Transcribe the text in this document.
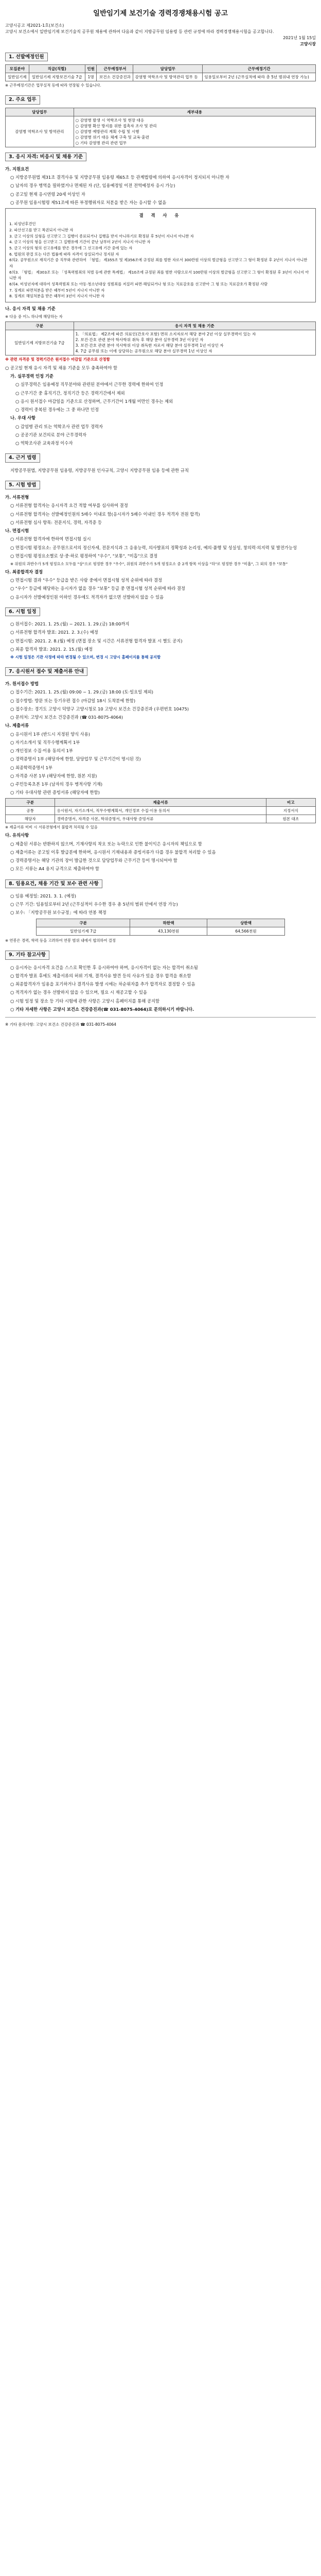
일반임기제 보건기술 경력경쟁채용시험 공고
고양시공고 제2021-1호(보건소)
고양시 보건소에서 일반임기제 보건기술직 공무원 채용에 관하여 다음과 같이 지방공무원 임용령 등 관련 규정에 따라 경력경쟁채용시험을 공고합니다.
2021년 1월 15일
고양시장
1. 선발예정인원
모집분야	직급(직렬)	인원	근무예정부서	담당업무	근무예정기간
일반임기제	일반임기제 지방보건기술 7급	1명	보건소 건강증진과	감염병 역학조사 및 방역관리 업무 등	임용일로부터 2년 (근무실적에 따라 총 5년 범위내 연장 가능)
※ 근무예정기간은 업무실적 등에 따라 연장될 수 있습니다.
2. 주요 업무
담당업무	세부내용
감염병 역학조사 및 방역관리	○ 감염병 발생 시 역학조사 및 현장 대응
○ 감염병 확산 방지를 위한 접촉자 조사 및 관리
○ 감염병 예방관리 계획 수립 및 시행
○ 감염병 위기 대응 체계 구축 및 교육·훈련
○ 기타 감염병 관리 관련 업무
3. 응시 자격: 비응시 및 채용 기준
가. 지원요건
○ 지방공무원법 제31조 결격사유 및 지방공무원 임용령 제65조 등 관계법령에 의하여 응시자격이 정지되지 아니한 자
○ 남자의 경우 병역을 필하였거나 면제된 자 (단, 임용예정일 이전 전역예정자 응시 가능)
○ 공고일 현재 응시연령 20세 이상인 자
○ 공무원 임용시험령 제51조에 따른 부정행위자로 처분을 받은 자는 응시할 수 없음
결 격 사 유
1. 피성년후견인
2. 파산선고를 받고 복권되지 아니한 자
3. 금고 이상의 실형을 선고받고 그 집행이 종료되거나 집행을 받지 아니하기로 확정된 후 5년이 지나지 아니한 자
4. 금고 이상의 형을 선고받고 그 집행유예 기간이 끝난 날부터 2년이 지나지 아니한 자
5. 금고 이상의 형의 선고유예를 받은 경우에 그 선고유예 기간 중에 있는 자
6. 법원의 판결 또는 다른 법률에 따라 자격이 상실되거나 정지된 자
6의2. 공무원으로 재직기간 중 직무와 관련하여 「형법」 제355조 및 제356조에 규정된 죄를 범한 자로서 300만원 이상의 벌금형을 선고받고 그 형이 확정된 후 2년이 지나지 아니한 자
6의3. 「형법」 제303조 또는 「성폭력범죄의 처벌 등에 관한 특례법」 제10조에 규정된 죄를 범한 사람으로서 100만원 이상의 벌금형을 선고받고 그 형이 확정된 후 3년이 지나지 아니한 자
6의4. 미성년자에 대하여 성폭력범죄 또는 아동·청소년대상 성범죄를 저질러 파면·해임되거나 형 또는 치료감호를 선고받아 그 형 또는 치료감호가 확정된 사람
7. 징계로 파면처분을 받은 때부터 5년이 지나지 아니한 자
8. 징계로 해임처분을 받은 때부터 3년이 지나지 아니한 자
나. 응시 자격 및 채용 기준
※ 다음 중 어느 하나에 해당하는 자
구분	응시 자격 및 채용 기준
일반임기제 지방보건기술 7급	1. 「의료법」 제2조에 따른 의료인(간호사 포함) 면허 소지자로서 해당 분야 2년 이상 실무경력이 있는 자
2. 보건·간호 관련 분야 학사학위 취득 후 해당 분야 실무경력 3년 이상인 자
3. 보건·간호 관련 분야 석사학위 이상 취득한 자로서 해당 분야 실무경력 1년 이상인 자
4. 7급 공무원 또는 이에 상당하는 공무원으로 해당 분야 실무경력 1년 이상인 자
※ 관련 자격증 및 경력기간은 원서접수 마감일 기준으로 산정함
○ 공고일 현재 응시 자격 및 채용 기준을 모두 충족하여야 함
가. 실무경력 인정 기준
○ 실무경력은 임용예정 직무분야와 관련된 분야에서 근무한 경력에 한하여 인정
○ 근무기간 중 휴직기간, 정직기간 등은 경력기간에서 제외
○ 응시 원서접수 마감일을 기준으로 산정하며, 근무기간이 1개월 미만인 경우는 제외
○ 경력이 중복된 경우에는 그 중 하나만 인정
나. 우대 사항
○ 감염병 관리 또는 역학조사 관련 업무 경력자
○ 공공기관 보건의료 분야 근무경력자
○ 역학조사관 교육과정 이수자
4. 근거 법령
지방공무원법, 지방공무원 임용령, 지방공무원 인사규칙, 고양시 지방공무원 임용 등에 관한 규칙
5. 시험 방법
가. 서류전형
○ 서류전형 합격자는 응시자격 요건 적합 여부를 심사하여 결정
○ 서류전형 합격자는 선발예정인원의 5배수 이내로 함(응시자가 5배수 이내인 경우 적격자 전원 합격)
○ 서류전형 심사 항목: 전문지식, 경력, 자격증 등
나. 면접시험
○ 서류전형 합격자에 한하여 면접시험 실시
○ 면접시험 평정요소: 공무원으로서의 정신자세, 전문지식과 그 응용능력, 의사발표의 정확성과 논리성, 예의·품행 및 성실성, 창의력·의지력 및 발전가능성
○ 면접시험 평정요소별로 상·중·하로 평정하여 "우수", "보통", "미흡"으로 결정
※ 위원의 과반수가 5개 평정요소 모두를 "상"으로 평정한 경우 "우수", 위원의 과반수가 5개 평정요소 중 2개 항목 이상을 "하"로 평정한 경우 "미흡", 그 외의 경우 "보통"
다. 최종합격자 결정
○ 면접시험 결과 "우수" 등급을 받은 사람 중에서 면접시험 성적 순위에 따라 결정
○ "우수" 등급에 해당하는 응시자가 없을 경우 "보통" 등급 중 면접시험 성적 순위에 따라 결정
○ 응시자가 선발예정인원 이하인 경우에도 적격자가 없으면 선발하지 않을 수 있음
6. 시험 일정
○ 원서접수: 2021. 1. 25.(월) ~ 2021. 1. 29.(금) 18:00까지
○ 서류전형 합격자 발표: 2021. 2. 3.(수) 예정
○ 면접시험: 2021. 2. 8.(월) 예정 (면접 장소 및 시간은 서류전형 합격자 발표 시 별도 공지)
○ 최종 합격자 발표: 2021. 2. 15.(월) 예정
※ 시험 일정은 기관 사정에 따라 변경될 수 있으며, 변경 시 고양시 홈페이지를 통해 공지함
7. 응시원서 접수 및 제출서류 안내
가. 원서접수 방법
○ 접수기간: 2021. 1. 25.(월) 09:00 ~ 1. 29.(금) 18:00 (토·일요일 제외)
○ 접수방법: 방문 또는 등기우편 접수 (마감일 18시 도착분에 한함)
○ 접수장소: 경기도 고양시 덕양구 고양시청로 10 고양시 보건소 건강증진과 (우편번호 10475)
○ 문의처: 고양시 보건소 건강증진과 (☎ 031-8075-4064)
나. 제출서류
○ 응시원서 1부 (반드시 지정된 양식 사용)
○ 자기소개서 및 직무수행계획서 1부
○ 개인정보 수집·이용 동의서 1부
○ 경력증명서 1부 (해당자에 한함, 담당업무 및 근무기간이 명시된 것)
○ 최종학력증명서 1부
○ 자격증 사본 1부 (해당자에 한함, 원본 지참)
○ 주민등록초본 1부 (남자의 경우 병적사항 기재)
○ 기타 우대사항 관련 증빙서류 (해당자에 한함)
구분	제출서류	비고
공통	응시원서, 자기소개서, 직무수행계획서, 개인정보 수집·이용 동의서	지정서식
해당자	경력증명서, 자격증 사본, 학위증명서, 우대사항 증빙서류	원본 대조
※ 제출서류 미비 시 서류전형에서 불합격 처리될 수 있음
다. 유의사항
○ 제출된 서류는 반환하지 않으며, 기재사항의 착오 또는 누락으로 인한 불이익은 응시자의 책임으로 함
○ 제출서류는 공고일 이후 발급분에 한하며, 응시원서 기재내용과 증빙서류가 다를 경우 불합격 처리할 수 있음
○ 경력증명서는 해당 기관의 장이 발급한 것으로 담당업무와 근무기간 등이 명시되어야 함
○ 모든 서류는 A4 용지 규격으로 제출하여야 함
8. 임용요건, 채용 기간 및 보수 관련 사항
○ 임용 예정일: 2021. 3. 1. (예정)
○ 근무 기간: 임용일로부터 2년 (근무실적이 우수한 경우 총 5년의 범위 안에서 연장 가능)
○ 보수: 「지방공무원 보수규정」에 따라 연봉 책정
구분	하한액	상한액
일반임기제 7급	43,130천원	64,566천원
※ 연봉은 경력, 학력 등을 고려하여 연봉 범위 내에서 협의하여 결정
9. 기타 참고사항
○ 응시자는 응시자격 요건을 스스로 확인한 후 응시하여야 하며, 응시자격이 없는 자는 합격이 취소됨
○ 합격자 발표 후에도 제출서류의 허위 기재, 결격사유 발견 등의 사유가 있을 경우 합격을 취소함
○ 최종합격자가 임용을 포기하거나 결격사유 발생 시에는 차순위자를 추가 합격자로 결정할 수 있음
○ 적격자가 없는 경우 선발하지 않을 수 있으며, 필요 시 재공고할 수 있음
○ 시험 일정 및 장소 등 기타 시험에 관한 사항은 고양시 홈페이지를 통해 공지함
○ 기타 자세한 사항은 고양시 보건소 건강증진과(☎ 031-8075-4064)로 문의하시기 바랍니다.
※ 기타 문의사항: 고양시 보건소 건강증진과 ☎ 031-8075-4064
